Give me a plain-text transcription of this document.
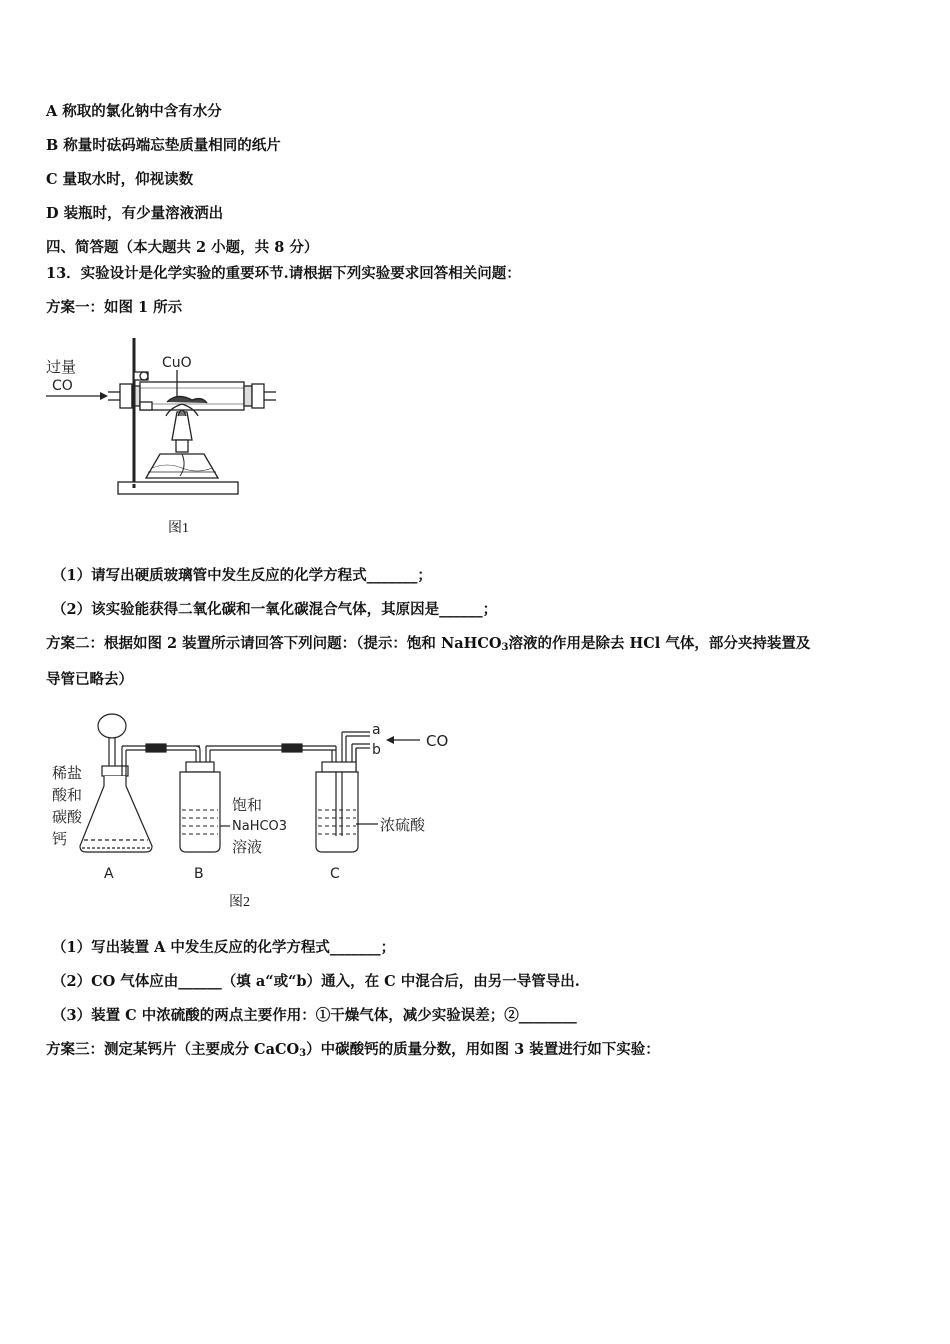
A 称取的氯化钠中含有水分
B 称量时砝码端忘垫质量相同的纸片
C 量取水时，仰视读数
D 装瓶时，有少量溶液洒出
四、简答题（本大题共 2 小题，共 8 分）
13．实验设计是化学实验的重要环节.请根据下列实验要求回答相关问题：
方案一：如图 1 所示
过量
CO
CuO
图1
（1）请写出硬质玻璃管中发生反应的化学方程式_______；
（2）该实验能获得二氧化碳和一氧化碳混合气体，其原因是______；
方案二：根据如图 2 装置所示请回答下列问题：（提示：饱和 NaHCO$_3$溶液的作用是除去 HCl 气体，部分夹持装置及
导管已略去）
稀盐
酸和
碳酸
钙
a
b	CO
饱和
NaHCO3
溶液
浓硫酸
A	B	C
图2
（1）写出装置 A 中发生反应的化学方程式_______；
（2）CO 气体应由______（填 a“或“b）通入，在 C 中混合后，由另一导管导出.
（3）装置 C 中浓硫酸的两点主要作用：①干燥气体，减少实验误差；②________
方案三：测定某钙片（主要成分 CaCO$_3$）中碳酸钙的质量分数，用如图 3 装置进行如下实验：
